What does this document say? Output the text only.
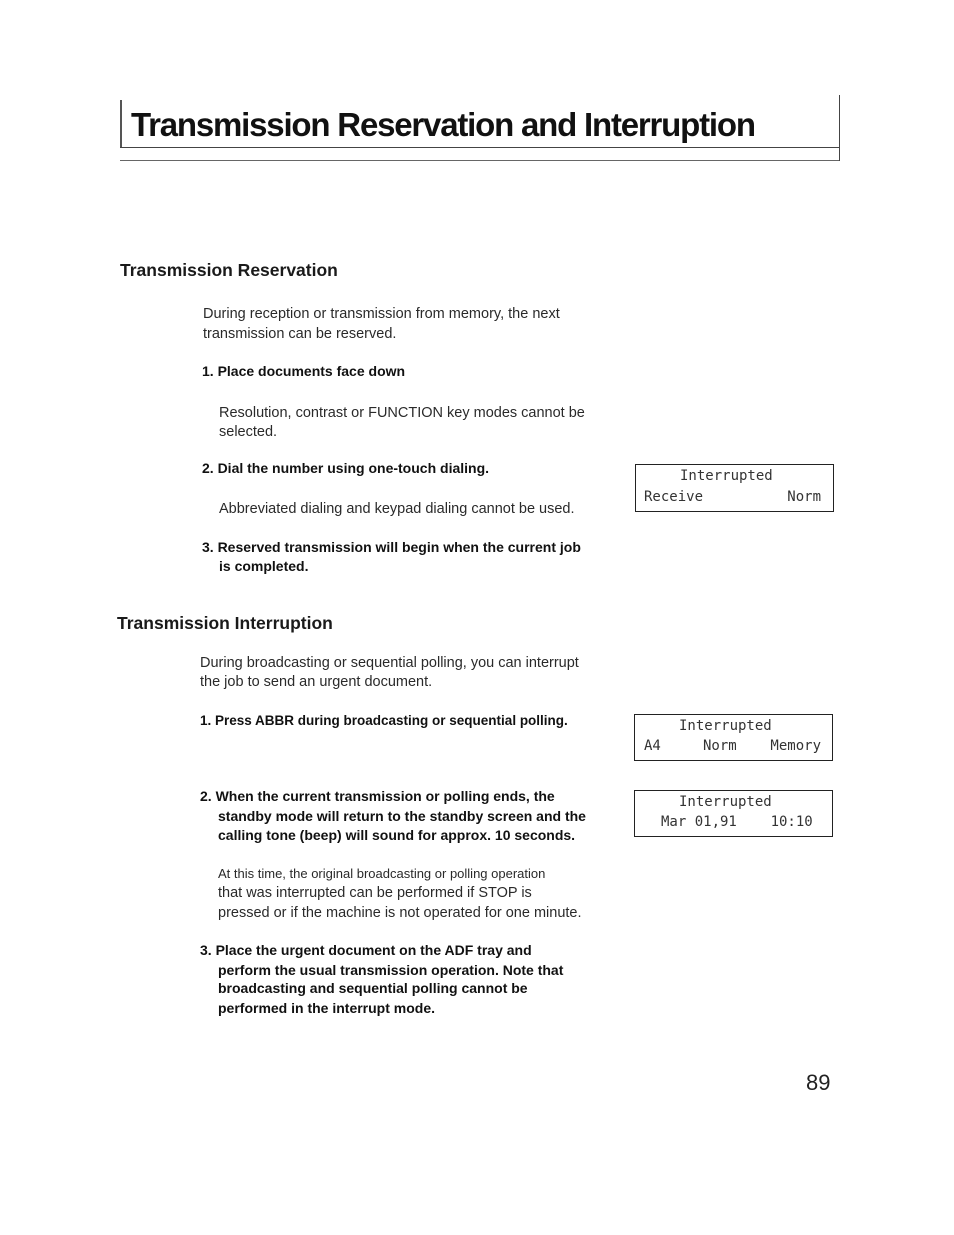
Transmission Reservation and Interruption
Transmission Reservation
During reception or transmission from memory, the next
transmission can be reserved.
1. Place documents face down
Resolution, contrast or FUNCTION key modes cannot be
selected.
2. Dial the number using one-touch dialing.
Abbreviated dialing and keypad dialing cannot be used.
3. Reserved transmission will begin when the current job
is completed.

Interrupted

Receive          Norm

Transmission Interruption
During broadcasting or sequential polling, you can interrupt
the job to send an urgent document.
1. Press ABBR during broadcasting or sequential polling.

	Interrupted

A4     Norm    Memory

2. When the current transmission or polling ends, the
standby mode will return to the standby screen and the
calling tone (beep) will sound for approx. 10 seconds.

Interrupted

Mar 01,91    10:10

At this time, the original broadcasting or polling operation
that was interrupted can be performed if STOP is
pressed or if the machine is not operated for one minute.
3. Place the urgent document on the ADF tray and
perform the usual transmission operation. Note that
broadcasting and sequential polling cannot be
performed in the interrupt mode.
89
